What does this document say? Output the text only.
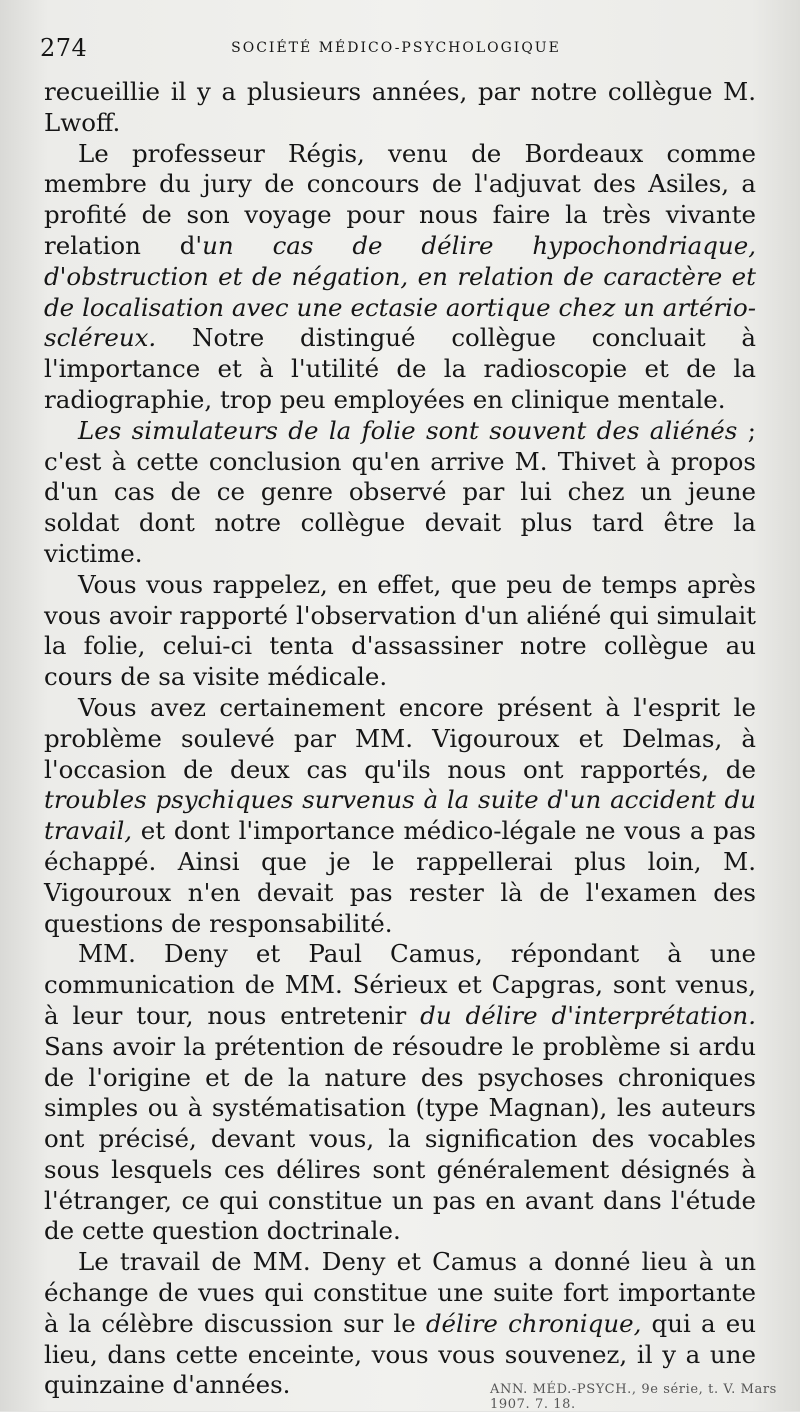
274	SOCIÉTÉ MÉDICO-PSYCHOLOGIQUE

recueillie il y a plusieurs années, par notre collègue M. Lwoff.

Le professeur Régis, venu de Bordeaux comme membre du jury de concours de l'adjuvat des Asiles, a profité de son voyage pour nous faire la très vivante relation d'un cas de délire hypochondriaque, d'obstruction et de négation, en relation de caractère et de localisation avec une ectasie aortique chez un artério-scléreux. Notre distingué collègue concluait à l'importance et à l'utilité de la radioscopie et de la radiographie, trop peu employées en clinique mentale.

Les simulateurs de la folie sont souvent des aliénés ; c'est à cette conclusion qu'en arrive M. Thivet à propos d'un cas de ce genre observé par lui chez un jeune soldat dont notre collègue devait plus tard être la victime.

Vous vous rappelez, en effet, que peu de temps après vous avoir rapporté l'observation d'un aliéné qui simulait la folie, celui-ci tenta d'assassiner notre collègue au cours de sa visite médicale.

Vous avez certainement encore présent à l'esprit le problème soulevé par MM. Vigouroux et Delmas, à l'occasion de deux cas qu'ils nous ont rapportés, de troubles psychiques survenus à la suite d'un accident du travail, et dont l'importance médico-légale ne vous a pas échappé. Ainsi que je le rappellerai plus loin, M. Vigouroux n'en devait pas rester là de l'examen des questions de responsabilité.

MM. Deny et Paul Camus, répondant à une communication de MM. Sérieux et Capgras, sont venus, à leur tour, nous entretenir du délire d'interprétation. Sans avoir la prétention de résoudre le problème si ardu de l'origine et de la nature des psychoses chroniques simples ou à systématisation (type Magnan), les auteurs ont précisé, devant vous, la signification des vocables sous lesquels ces délires sont généralement désignés à l'étranger, ce qui constitue un pas en avant dans l'étude de cette question doctrinale.

Le travail de MM. Deny et Camus a donné lieu à un échange de vues qui constitue une suite fort importante à la célèbre discussion sur le délire chronique, qui a eu lieu, dans cette enceinte, vous vous souvenez, il y a une quinzaine d'années.	ANN. MÉD.-PSYCH., 9e série, t. V. Mars 1907. 7. 18.
